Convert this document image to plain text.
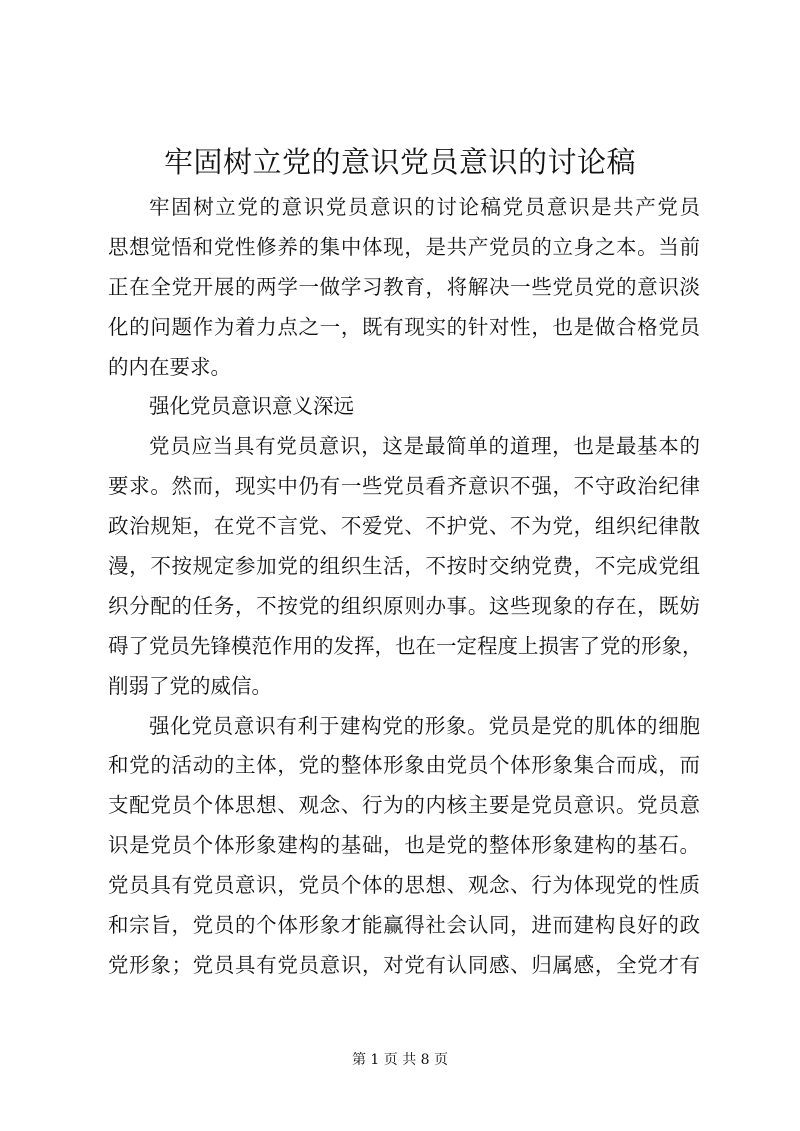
牢固树立党的意识党员意识的讨论稿
牢固树立党的意识党员意识的讨论稿党员意识是共产党员
思想觉悟和党性修养的集中体现，是共产党员的立身之本。当前
正在全党开展的两学一做学习教育，将解决一些党员党的意识淡
化的问题作为着力点之一，既有现实的针对性，也是做合格党员
的内在要求。
强化党员意识意义深远
党员应当具有党员意识，这是最简单的道理，也是最基本的
要求。然而，现实中仍有一些党员看齐意识不强，不守政治纪律
政治规矩，在党不言党、不爱党、不护党、不为党，组织纪律散
漫，不按规定参加党的组织生活，不按时交纳党费，不完成党组
织分配的任务，不按党的组织原则办事。这些现象的存在，既妨
碍了党员先锋模范作用的发挥，也在一定程度上损害了党的形象，
削弱了党的威信。
强化党员意识有利于建构党的形象。党员是党的肌体的细胞
和党的活动的主体，党的整体形象由党员个体形象集合而成，而
支配党员个体思想、观念、行为的内核主要是党员意识。党员意
识是党员个体形象建构的基础，也是党的整体形象建构的基石。
党员具有党员意识，党员个体的思想、观念、行为体现党的性质
和宗旨，党员的个体形象才能赢得社会认同，进而建构良好的政
党形象；党员具有党员意识，对党有认同感、归属感，全党才有
第 1 页 共 8 页
